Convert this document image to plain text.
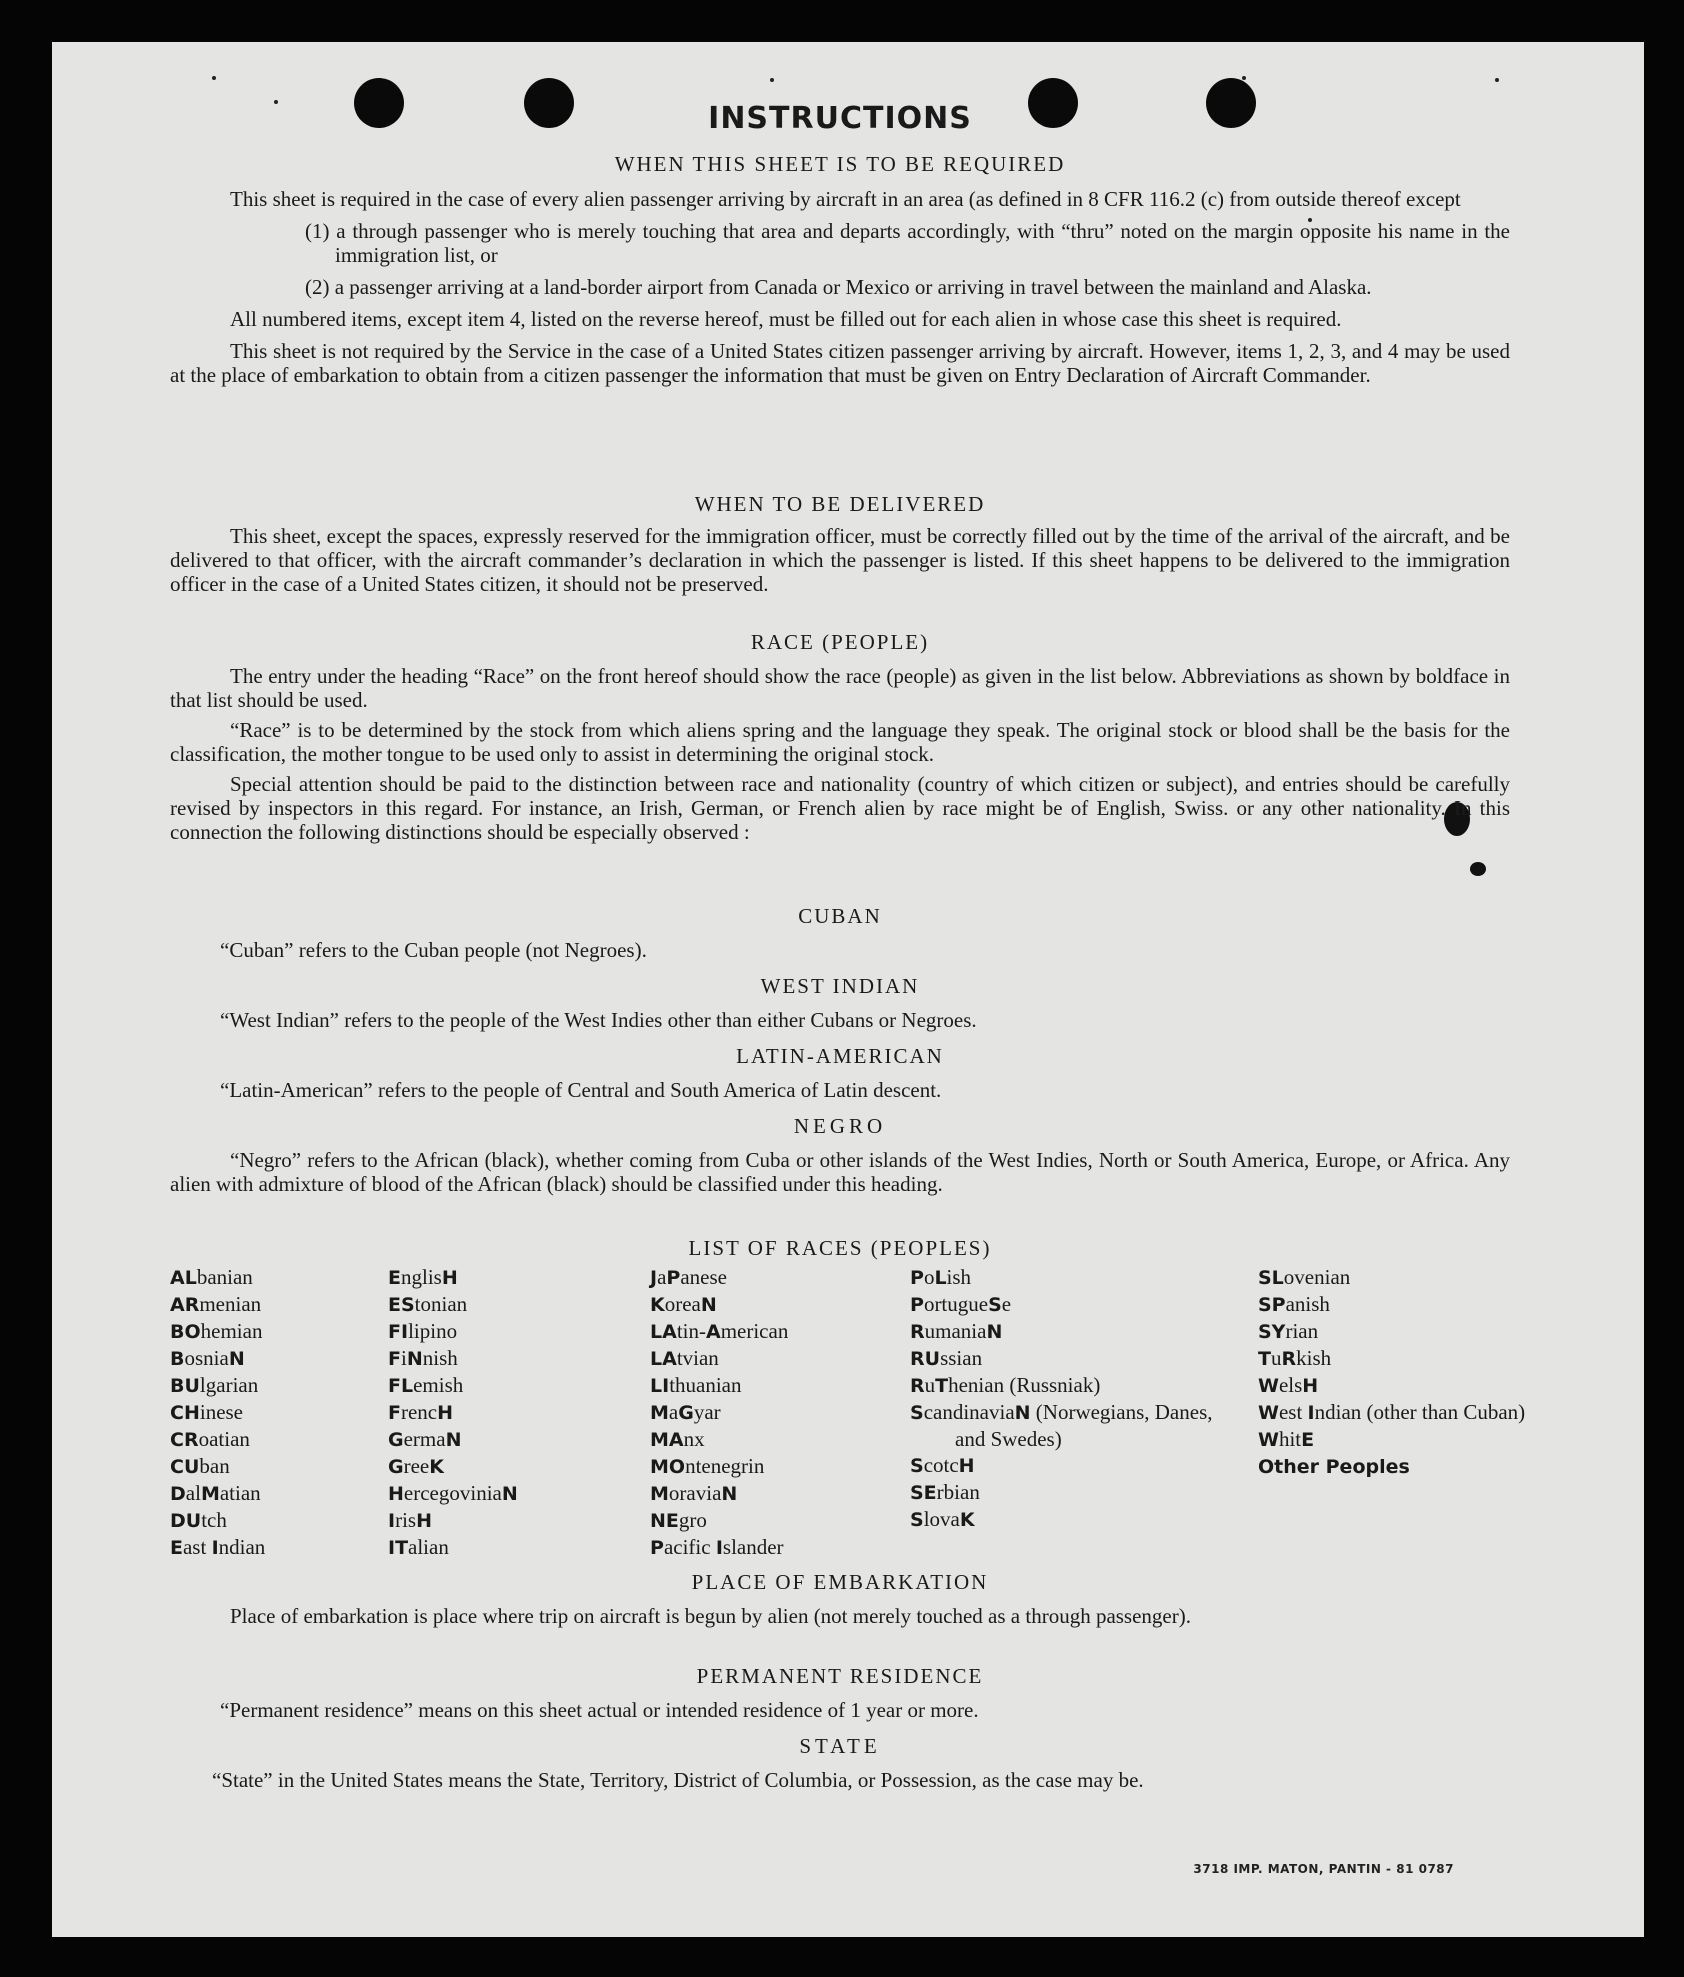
INSTRUCTIONS
WHEN THIS SHEET IS TO BE REQUIRED

This sheet is required in the case of every alien passenger arriving by aircraft in an area (as defined in 8 CFR 116.2 (c) from outside thereof except

(1) a through passenger who is merely touching that area and departs accordingly, with “thru” noted on the margin opposite his name in the immigration list, or

(2) a passenger arriving at a land-border airport from Canada or Mexico or arriving in travel between the mainland and Alaska.

All numbered items, except item 4, listed on the reverse hereof, must be filled out for each alien in whose case this sheet is required.

This sheet is not required by the Service in the case of a United States citizen passenger arriving by aircraft. However, items 1, 2, 3, and 4 may be used at the place of embarkation to obtain from a citizen passenger the information that must be given on Entry Declaration of Aircraft Commander.

WHEN TO BE DELIVERED

This sheet, except the spaces, expressly reserved for the immigration officer, must be correctly filled out by the time of the arrival of the aircraft, and be delivered to that officer, with the aircraft commander’s declaration in which the passenger is listed. If this sheet happens to be delivered to the immigration officer in the case of a United States citizen, it should not be preserved.

RACE (PEOPLE)

The entry under the heading “Race” on the front hereof should show the race (people) as given in the list below. Abbreviations as shown by boldface in that list should be used.

“Race” is to be determined by the stock from which aliens spring and the language they speak. The original stock or blood shall be the basis for the classification, the mother tongue to be used only to assist in determining the original stock.

Special attention should be paid to the distinction between race and nationality (country of which citizen or subject), and entries should be carefully revised by inspectors in this regard. For instance, an Irish, German, or French alien by race might be of English, Swiss. or any other nationality. In this connection the following distinctions should be especially observed :

CUBAN
“Cuban” refers to the Cuban people (not Negroes).
WEST INDIAN
“West Indian” refers to the people of the West Indies other than either Cubans or Negroes.
LATIN-AMERICAN
“Latin-American” refers to the people of Central and South America of Latin descent.
NEGRO

“Negro” refers to the African (black), whether coming from Cuba or other islands of the West Indies, North or South America, Europe, or Africa. Any alien with admixture of blood of the African (black) should be classified under this heading.

LIST OF RACES (PEOPLES)
ALbanian
ARmenian
BOhemian
BosniaN
BUlgarian
CHinese
CRoatian
CUban
DalMatian
DUtch
East Indian
EnglisH
EStonian
FIlipino
FiNnish
FLemish
FrencH
GermaN
GreeK
HercegoviniaN
IrisH
ITalian
JaPanese
KoreaN
LAtin-American
LAtvian
LIthuanian
MaGyar
MAnx
MOntenegrin
MoraviaN
NEgro
Pacific Islander
PoLish
PortugueSe
RumaniaN
RUssian
RuThenian (Russniak)
ScandinaviaN (Norwegians, Danes, and Swedes)
ScotcH
SErbian
SlovaK
SLovenian
SPanish
SYrian
TuRkish
WelsH
West Indian (other than Cuban)
WhitE
Other Peoples
PLACE OF EMBARKATION

Place of embarkation is place where trip on aircraft is begun by alien (not merely touched as a through passenger).

PERMANENT RESIDENCE
“Permanent residence” means on this sheet actual or intended residence of 1 year or more.
STATE
“State” in the United States means the State, Territory, District of Columbia, or Possession, as the case may be.
3718 IMP. MATON, PANTIN - 81 0787
